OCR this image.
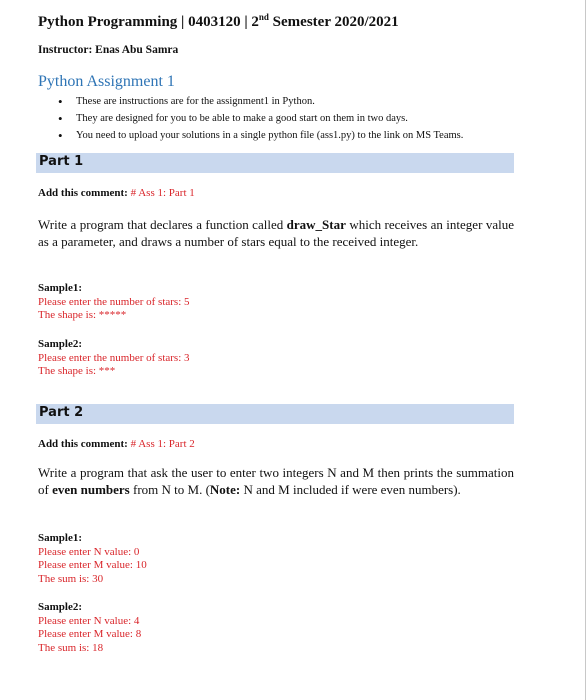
Python Programming | 0403120 | 2nd Semester 2020/2021
Instructor: Enas Abu Samra
Python Assignment 1
• These are instructions are for the assignment1 in Python.
• They are designed for you to be able to make a good start on them in two days.
• You need to upload your solutions in a single python file (ass1.py) to the link on MS Teams.
Part 1
Add this comment: # Ass 1: Part 1
Write a program that declares a function called draw_Star which receives an integer value as a parameter, and draws a number of stars equal to the received integer.
Sample1:
Please enter the number of stars: 5
The shape is: *****
Sample2:
Please enter the number of stars: 3
The shape is: ***
Part 2
Add this comment: # Ass 1: Part 2
Write a program that ask the user to enter two integers N and M then prints the summation of even numbers from N to M. (Note: N and M included if were even numbers).
Sample1:
Please enter N value: 0
Please enter M value: 10
The sum is: 30
Sample2:
Please enter N value: 4
Please enter M value: 8
The sum is: 18
